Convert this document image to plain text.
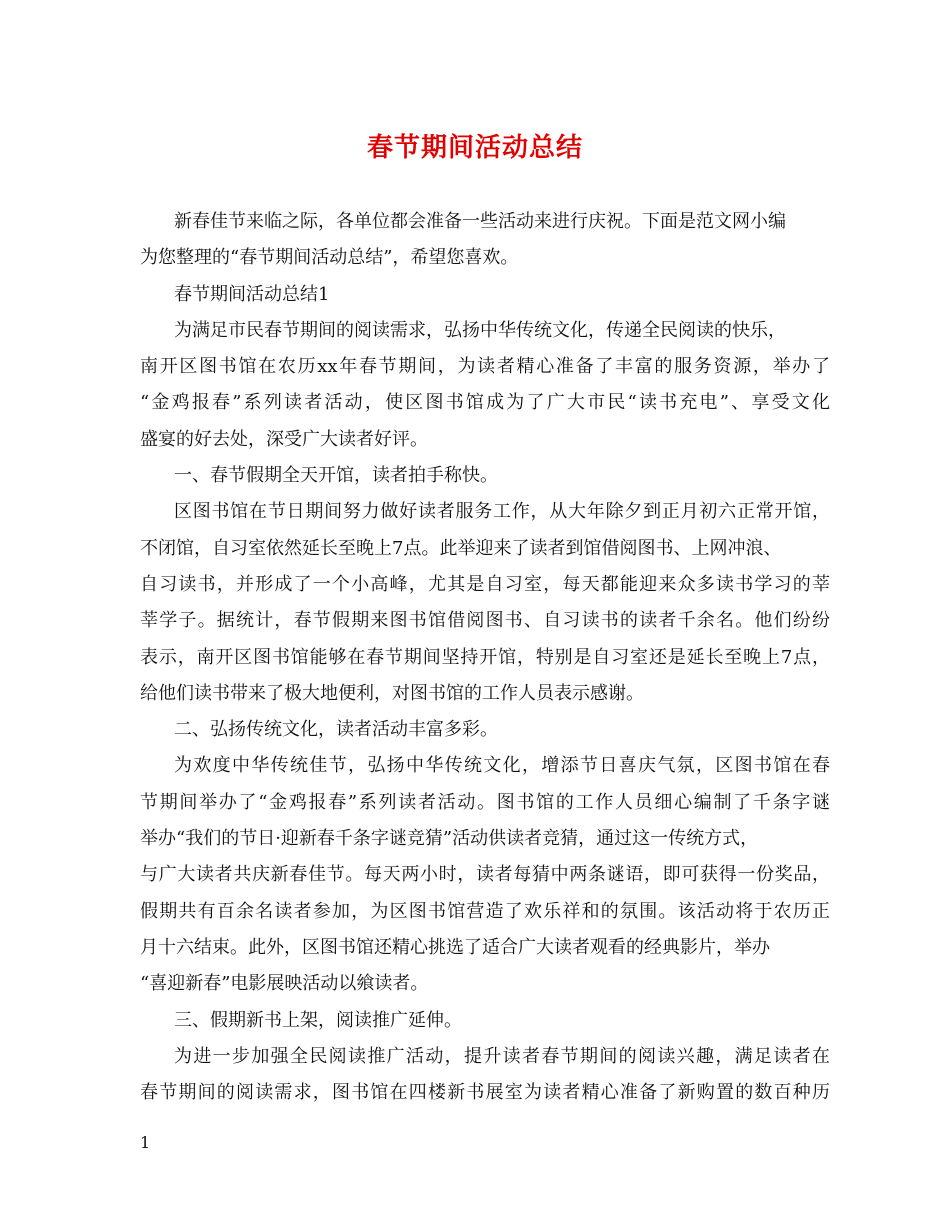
春节期间活动总结
新春佳节来临之际，各单位都会准备一些活动来进行庆祝。下面是范文网小编
为您整理的“春节期间活动总结”，希望您喜欢。
春节期间活动总结1
为满足市民春节期间的阅读需求，弘扬中华传统文化，传递全民阅读的快乐，
南开区图书馆在农历xx年春节期间，为读者精心准备了丰富的服务资源，举办了
“金鸡报春”系列读者活动，使区图书馆成为了广大市民“读书充电”、享受文化
盛宴的好去处，深受广大读者好评。
一、春节假期全天开馆，读者拍手称快。
区图书馆在节日期间努力做好读者服务工作，从大年除夕到正月初六正常开馆，
不闭馆，自习室依然延长至晚上7点。此举迎来了读者到馆借阅图书、上网冲浪、
自习读书，并形成了一个小高峰，尤其是自习室，每天都能迎来众多读书学习的莘
莘学子。据统计，春节假期来图书馆借阅图书、自习读书的读者千余名。他们纷纷
表示，南开区图书馆能够在春节期间坚持开馆，特别是自习室还是延长至晚上7点，
给他们读书带来了极大地便利，对图书馆的工作人员表示感谢。
二、弘扬传统文化，读者活动丰富多彩。
为欢度中华传统佳节，弘扬中华传统文化，增添节日喜庆气氛，区图书馆在春
节期间举办了“金鸡报春”系列读者活动。图书馆的工作人员细心编制了千条字谜
举办“我们的节日·迎新春千条字谜竞猜”活动供读者竞猜，通过这一传统方式，
与广大读者共庆新春佳节。每天两小时，读者每猜中两条谜语，即可获得一份奖品，
假期共有百余名读者参加，为区图书馆营造了欢乐祥和的氛围。该活动将于农历正
月十六结束。此外，区图书馆还精心挑选了适合广大读者观看的经典影片，举办
“喜迎新春”电影展映活动以飨读者。
三、假期新书上架，阅读推广延伸。
为进一步加强全民阅读推广活动，提升读者春节期间的阅读兴趣，满足读者在
春节期间的阅读需求，图书馆在四楼新书展室为读者精心准备了新购置的数百种历
1
